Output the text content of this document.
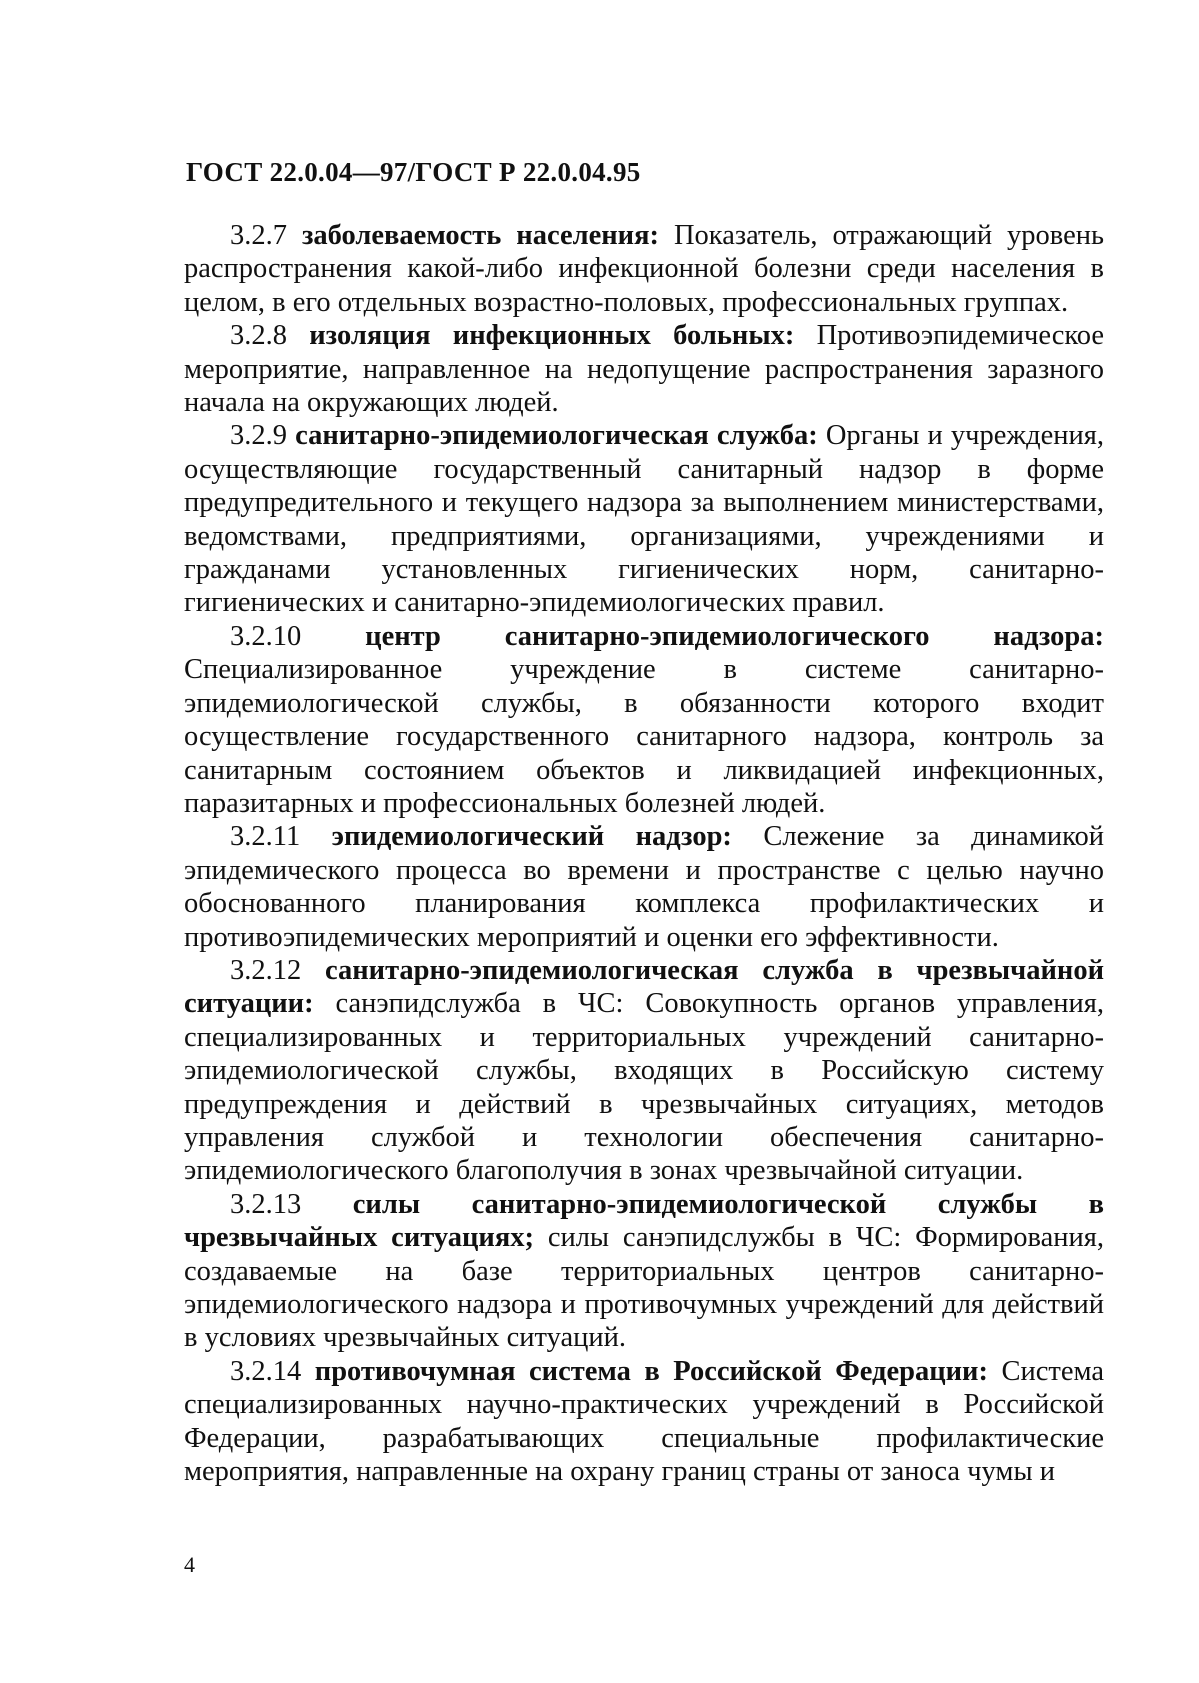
ГОСТ 22.0.04—97/ГОСТ Р 22.0.04.95

3.2.7 заболеваемость населения: Показатель, отражающий уровень распространения какой-либо инфекционной болезни среди населения в целом, в его отдельных возрастно-половых, профессиональных группах.

3.2.8 изоляция инфекционных больных: Противоэпидемическое мероприятие, направленное на недопущение распространения заразного начала на окружающих людей.

3.2.9 санитарно-эпидемиологическая служба: Органы и учреждения, осуществляющие государственный санитарный надзор в форме предупредительного и текущего надзора за выполнением министерствами, ведомствами, предприятиями, организациями, учреждениями и гражданами установленных гигиенических норм, санитарно-гигиенических и санитарно-эпидемиологических правил.

3.2.10 центр санитарно-эпидемиологического надзора: Специализированное учреждение в системе санитарно-эпидемиологической службы, в обязанности которого входит осуществление государственного санитарного надзора, контроль за санитарным состоянием объектов и ликвидацией инфекционных, паразитарных и профессиональных болезней людей.

3.2.11 эпидемиологический надзор: Слежение за динамикой эпидемического процесса во времени и пространстве с целью научно обоснованного планирования комплекса профилактических и противоэпидемических мероприятий и оценки его эффективности.

3.2.12 санитарно-эпидемиологическая служба в чрезвычайной ситуации: санэпидслужба в ЧС: Совокупность органов управления, специализированных и территориальных учреждений санитарно-эпидемиологической службы, входящих в Российскую систему предупреждения и действий в чрезвычайных ситуациях, методов управления службой и технологии обеспечения санитарно-эпидемиологического благополучия в зонах чрезвычайной ситуации.

3.2.13 силы санитарно-эпидемиологической службы в чрезвычайных ситуациях; силы санэпидслужбы в ЧС: Формирования, создаваемые на базе территориальных центров санитарно-эпидемиологического надзора и противочумных учреждений для действий в условиях чрезвычайных ситуаций.

3.2.14 противочумная система в Российской Федерации: Система специализированных научно-практических учреждений в Российской Федерации, разрабатывающих специальные профилактические мероприятия, направленные на охрану границ страны от заноса чумы и

4
